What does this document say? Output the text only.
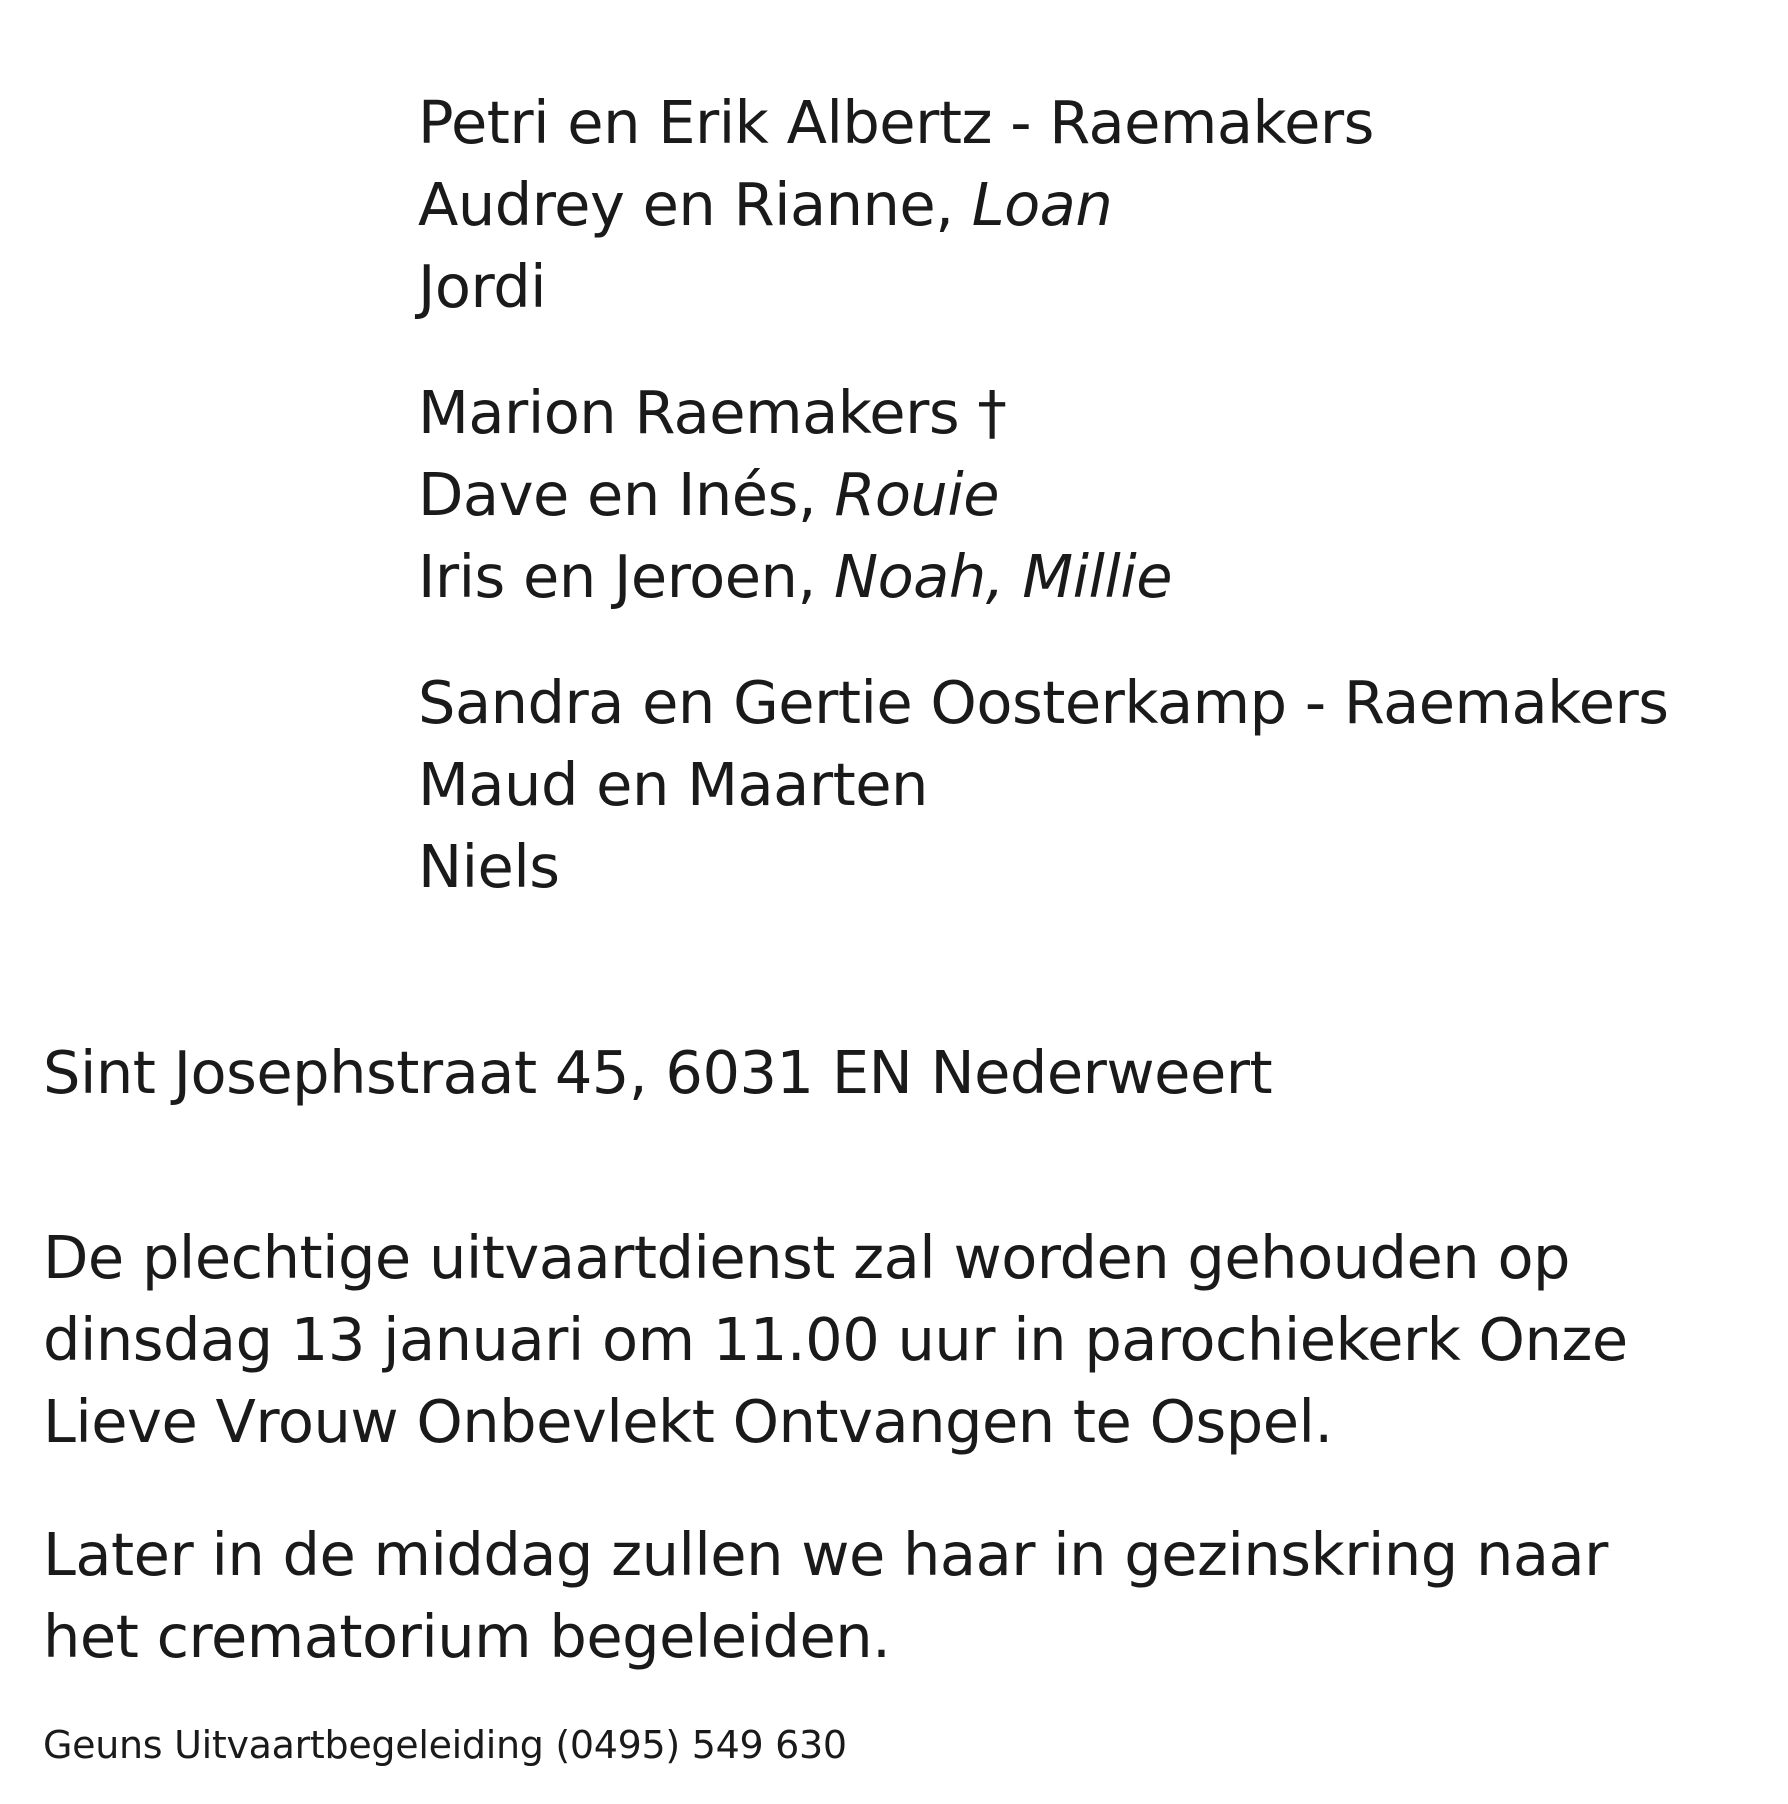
Petri en Erik Albertz - Raemakers
Audrey en Rianne, Loan
Jordi
Marion Raemakers †
Dave en Inés, Rouie
Iris en Jeroen, Noah, Millie
Sandra en Gertie Oosterkamp - Raemakers
Maud en Maarten
Niels
Sint Josephstraat 45, 6031 EN Nederweert
De plechtige uitvaartdienst zal worden gehouden op
dinsdag 13 januari om 11.00 uur in parochiekerk Onze
Lieve Vrouw Onbevlekt Ontvangen te Ospel.
Later in de middag zullen we haar in gezinskring naar
het crematorium begeleiden.
Geuns Uitvaartbegeleiding (0495) 549 630
